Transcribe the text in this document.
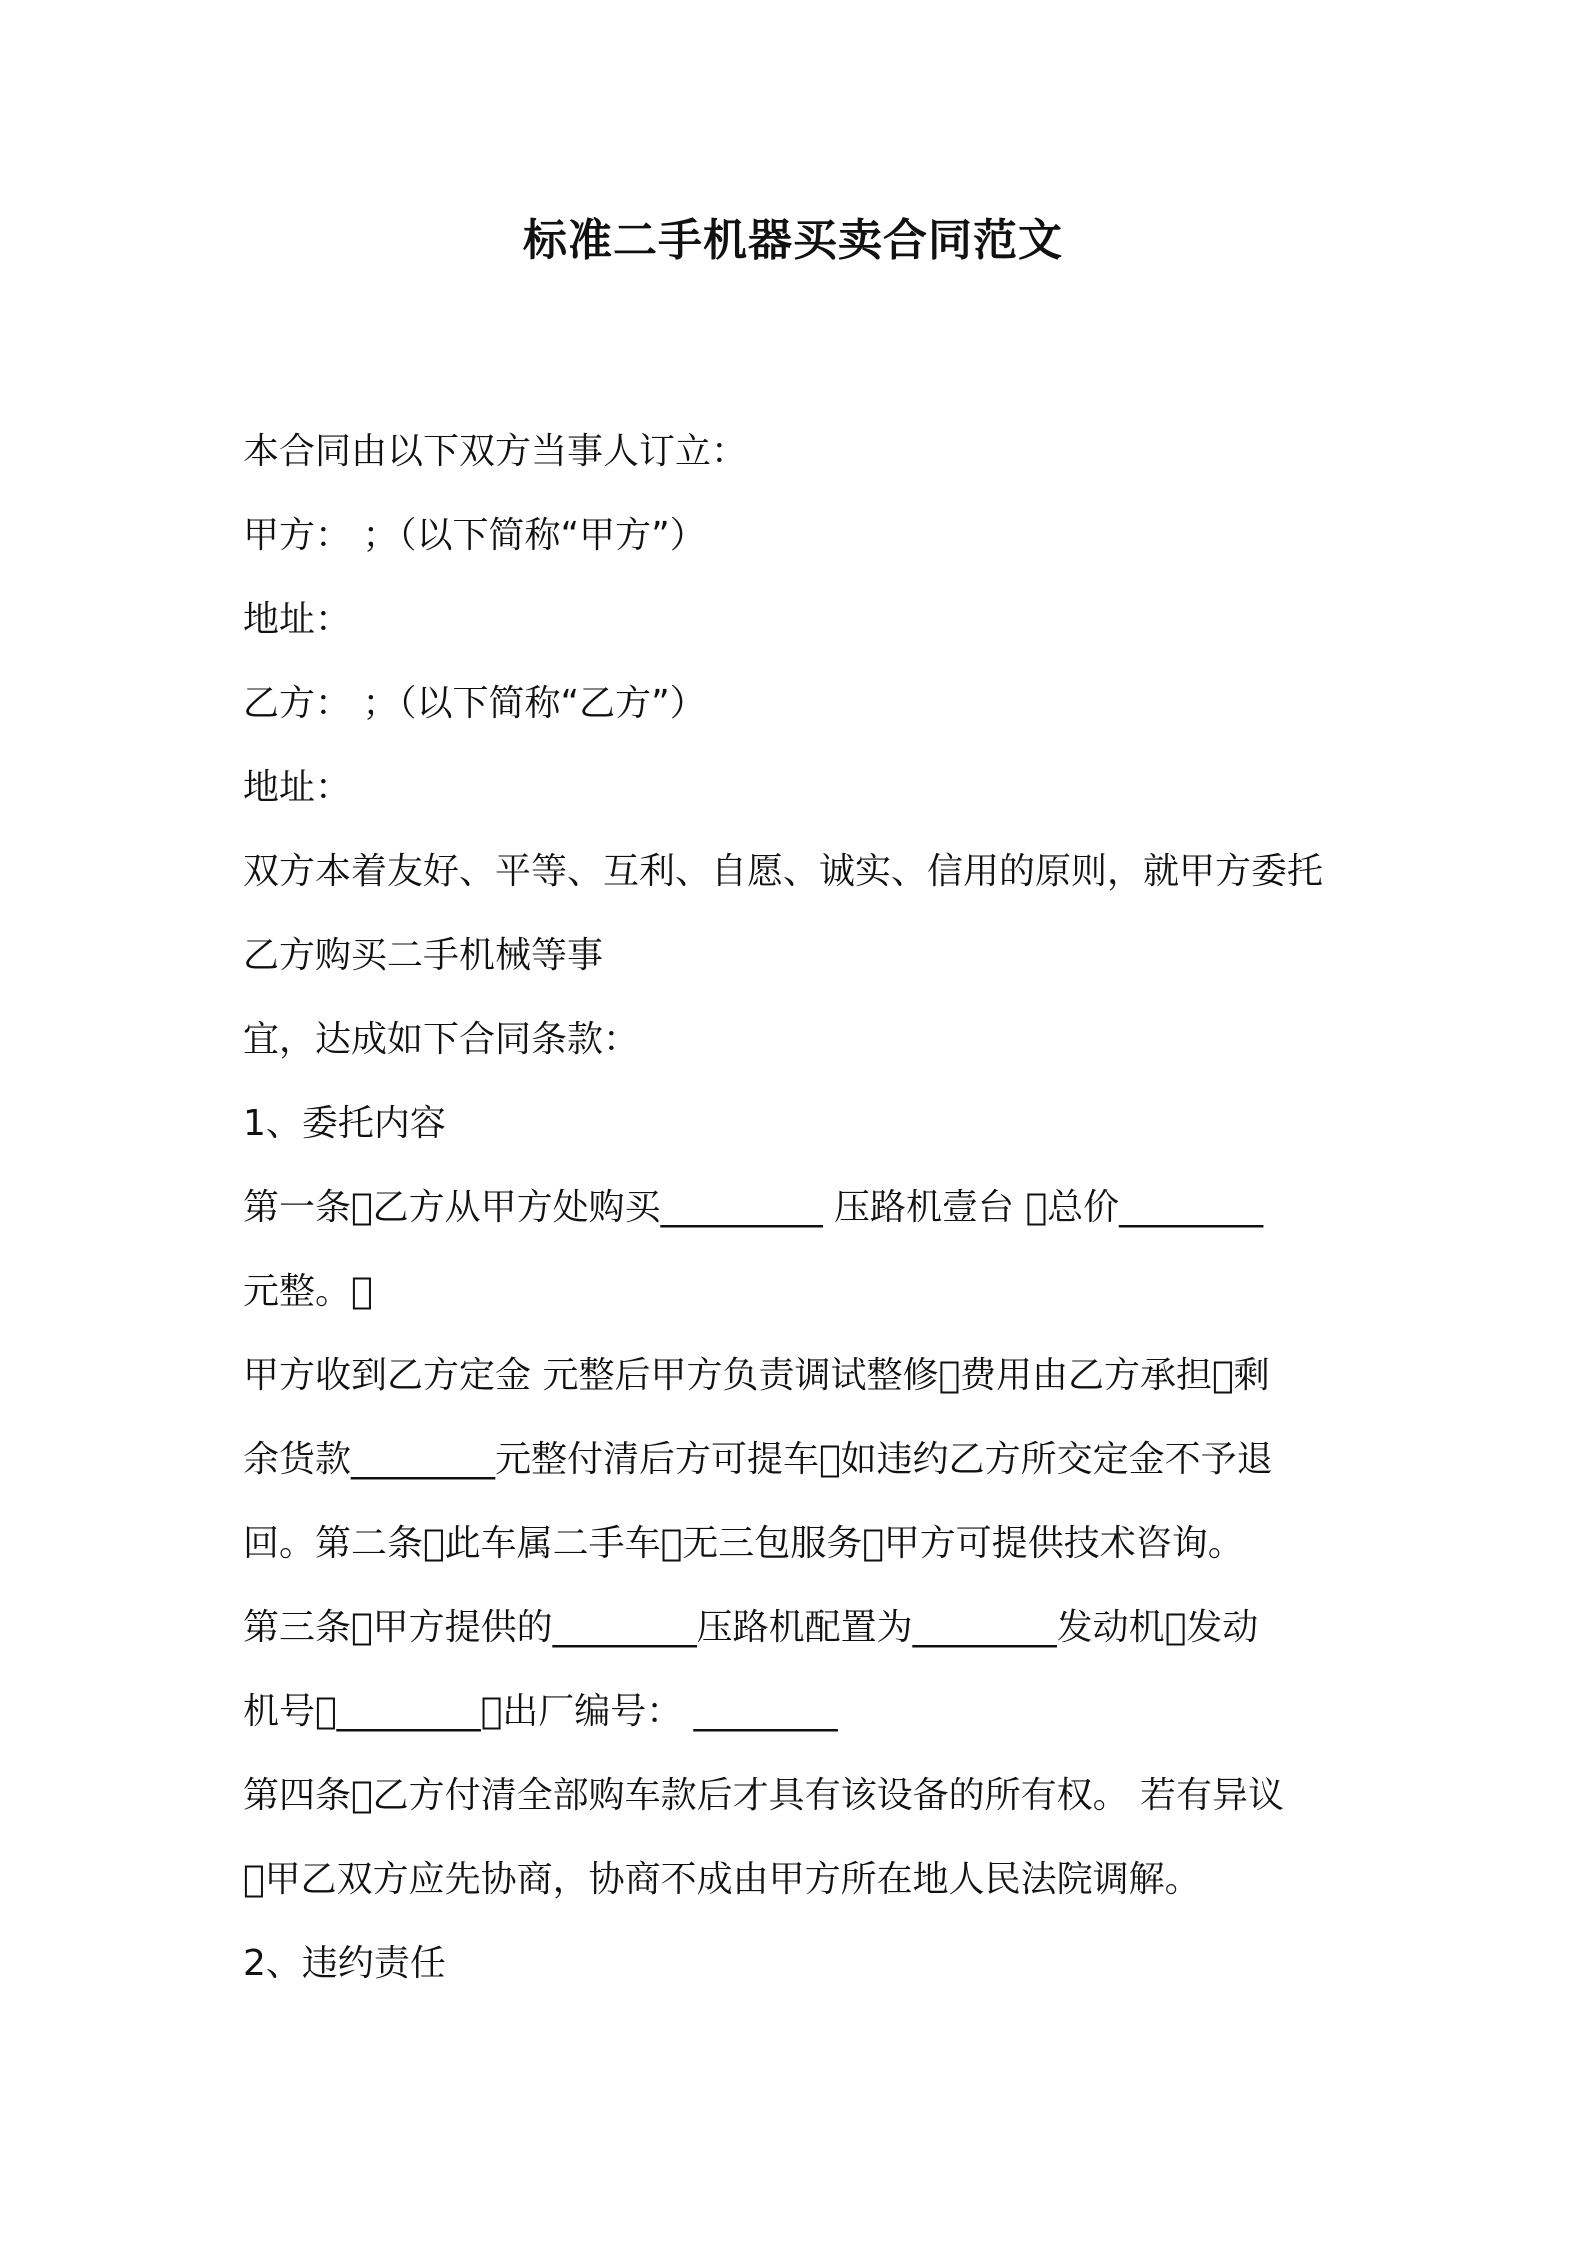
标准二手机器买卖合同范文
本合同由以下双方当事人订立：
甲方： ；（以下简称“甲方”）
地址：
乙方： ；（以下简称“乙方”）
地址：
双方本着友好、平等、互利、自愿、诚实、信用的原则，就甲方委托
乙方购买二手机械等事
宜，达成如下合同条款：
1、委托内容
第一条￾乙方从甲方处购买_________ 压路机壹台 ￾总价________
元整。￾
甲方收到乙方定金 元整后甲方负责调试整修￾费用由乙方承担￾剩
余货款________元整付清后方可提车￾如违约乙方所交定金不予退
回。第二条￾此车属二手车￾无三包服务￾甲方可提供技术咨询。
第三条￾甲方提供的________压路机配置为________发动机￾发动
机号￾________￾出厂编号： ________
第四条￾乙方付清全部购车款后才具有该设备的所有权。 若有异议
￾甲乙双方应先协商，协商不成由甲方所在地人民法院调解。
2、违约责任
